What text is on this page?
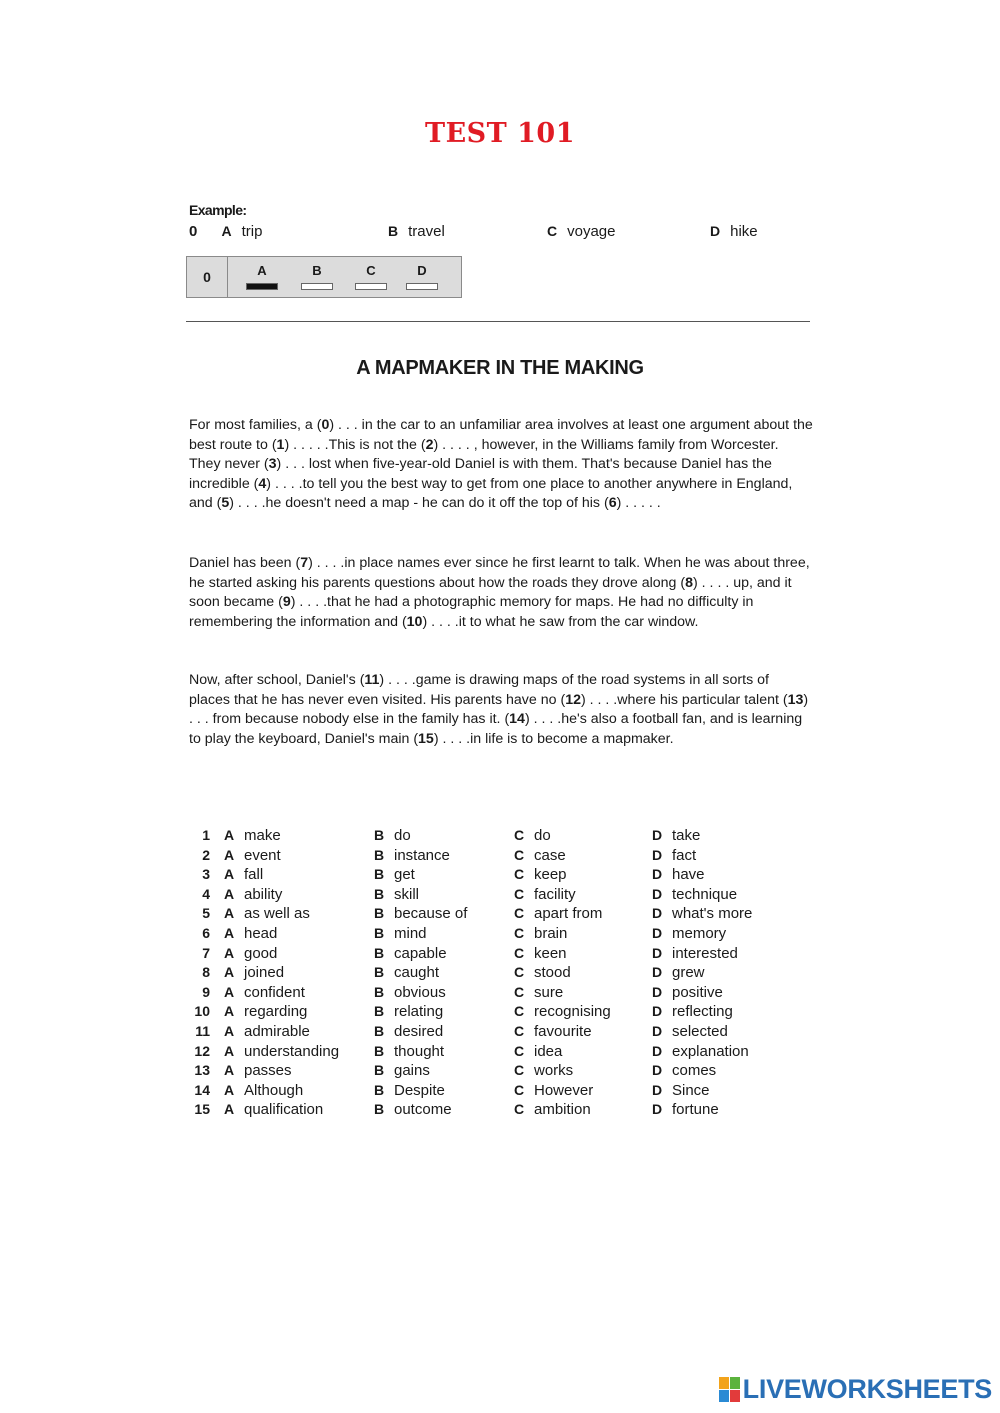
TEST 101
Example:
0 A trip	B travel	C voyage	D hike
0	A	B	C	D
A MAPMAKER IN THE MAKING

For most families, a (0) . . . in the car to an unfamiliar area involves at least one argument about the best route to (1) . . . . .This is not the (2) . . . . , however, in the Williams family from Worcester. They never (3) . . . lost when five-year-old Daniel is with them. That's because Daniel has the incredible (4) . . . .to tell you the best way to get from one place to another anywhere in England, and (5) . . . .he doesn't need a map - he can do it off the top of his (6) . . . . .

Daniel has been (7) . . . .in place names ever since he first learnt to talk. When he was about three, he started asking his parents questions about how the roads they drove along (8) . . . . up, and it soon became (9) . . . .that he had a photographic memory for maps. He had no difficulty in remembering the information and (10) . . . .it to what he saw from the car window.

Now, after school, Daniel's (11) . . . .game is drawing maps of the road systems in all sorts of places that he has never even visited. His parents have no (12) . . . .where his particular talent (13) . . . from because nobody else in the family has it. (14) . . . .he's also a football fan, and is learning to play the keyboard, Daniel's main (15) . . . .in life is to become a mapmaker.

1	A	make	B	do	C	do	D	take
2	A	event	B	instance	C	case	D	fact
3	A	fall	B	get	C	keep	D	have
4	A	ability	B	skill	C	facility	D	technique
5	A	as well as	B	because of	C	apart from	D	what's more
6	A	head	B	mind	C	brain	D	memory
7	A	good	B	capable	C	keen	D	interested
8	A	joined	B	caught	C	stood	D	grew
9	A	confident	B	obvious	C	sure	D	positive
10	A	regarding	B	relating	C	recognising	D	reflecting
11	A	admirable	B	desired	C	favourite	D	selected
12	A	understanding	B	thought	C	idea	D	explanation
13	A	passes	B	gains	C	works	D	comes
14	A	Although	B	Despite	C	However	D	Since
15	A	qualification	B	outcome	C	ambition	D	fortune
LIVEWORKSHEETS
